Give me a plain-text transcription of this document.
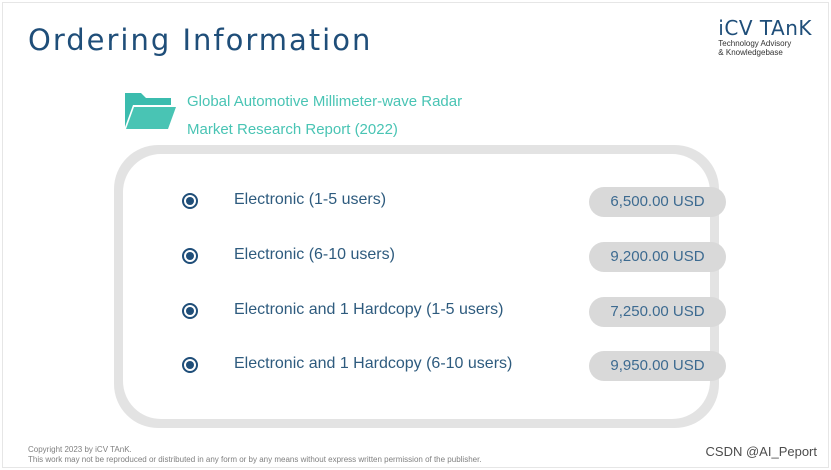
Ordering Information	iCV TAnK
Technology Advisory
& Knowledgebase
Global Automotive Millimeter-wave Radar
Market Research Report (2022)
Electronic (1-5 users)	6,500.00 USD
Electronic (6-10 users)	9,200.00 USD
Electronic and 1 Hardcopy (1-5 users)	7,250.00 USD
Electronic and 1 Hardcopy (6-10 users)	9,950.00 USD
Copyright 2023 by iCV TAnK.
This work may not be reproduced or distributed in any form or by any means without express written permission of the publisher.
CSDN @AI_Peport
